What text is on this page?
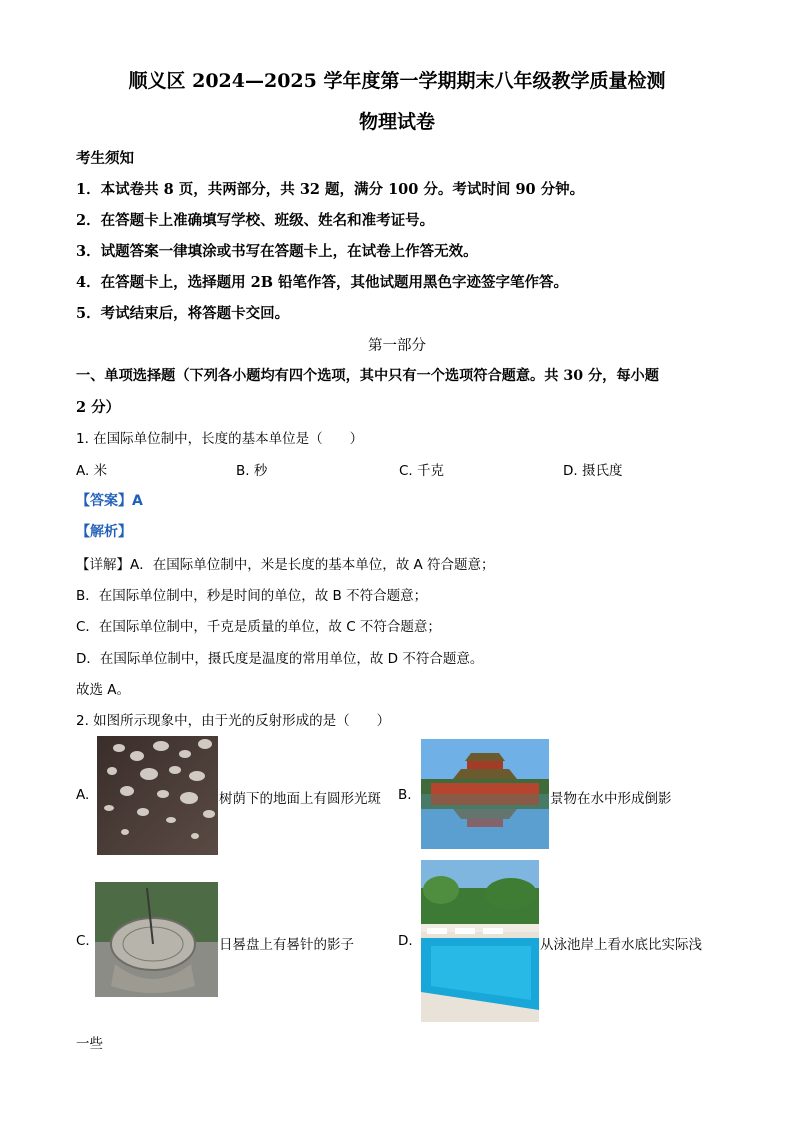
顺义区 2024—2025 学年度第一学期期末八年级教学质量检测
物理试卷
考生须知
1．本试卷共 8 页，共两部分，共 32 题，满分 100 分。考试时间 90 分钟。
2．在答题卡上准确填写学校、班级、姓名和准考证号。
3．试题答案一律填涂或书写在答题卡上，在试卷上作答无效。
4．在答题卡上，选择题用 2B 铅笔作答，其他试题用黑色字迹签字笔作答。
5．考试结束后，将答题卡交回。
第一部分
一、单项选择题（下列各小题均有四个选项，其中只有一个选项符合题意。共 30 分，每小题
2 分）
1. 在国际单位制中，长度的基本单位是（　　）
A. 米	B. 秒	C. 千克	D. 摄氏度
【答案】A
【解析】
【详解】A．在国际单位制中，米是长度的基本单位，故 A 符合题意；
B．在国际单位制中，秒是时间的单位，故 B 不符合题意；
C．在国际单位制中，千克是质量的单位，故 C 不符合题意；
D．在国际单位制中，摄氏度是温度的常用单位，故 D 不符合题意。
故选 A。
2. 如图所示现象中，由于光的反射形成的是（　　）
A.	树荫下的地面上有圆形光斑 B.	景物在水中形成倒影
C.	日晷盘上有晷针的影子	D.	从泳池岸上看水底比实际浅
一些
